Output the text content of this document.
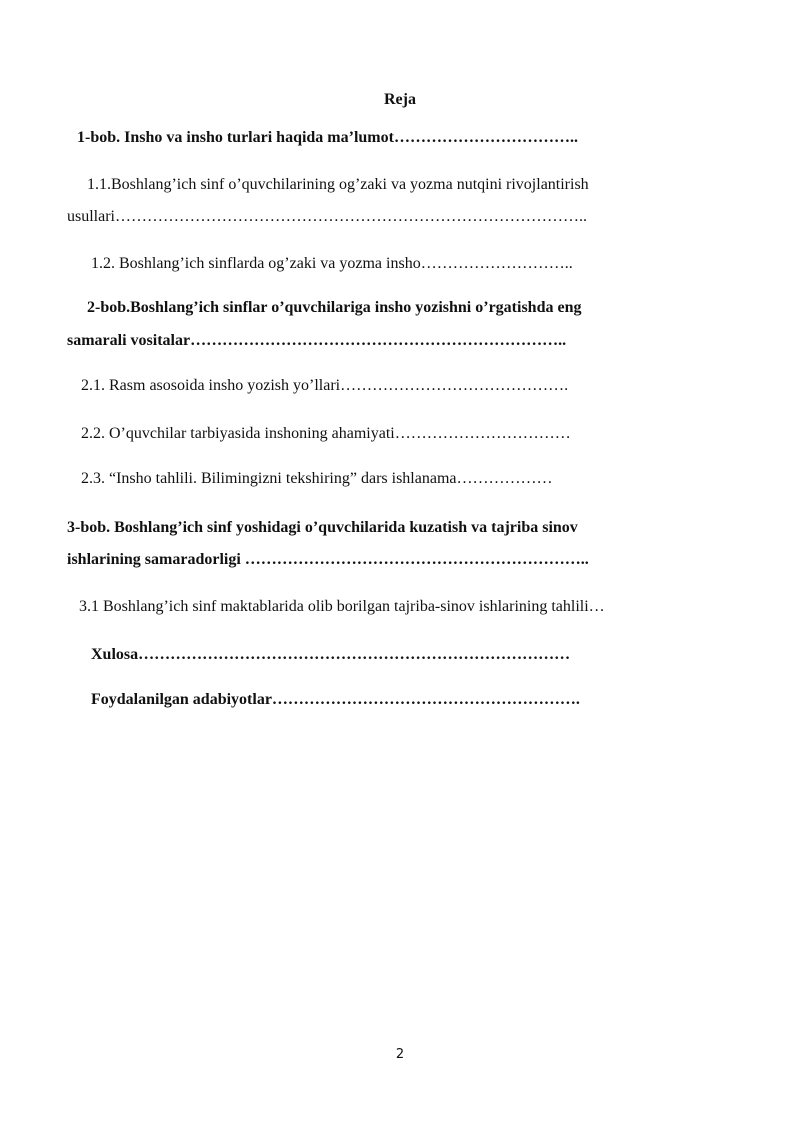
Reja
1-bob. Insho va insho turlari haqida ma’lumot……………………………..
1.1.Boshlang’ich sinf o’quvchilarining og’zaki va yozma nutqini rivojlantirish
usullari……………………………………………………………………………..
1.2. Boshlang’ich sinflarda og’zaki va yozma insho………………………..
2-bob.Boshlang’ich sinflar o’quvchilariga insho yozishni o’rgatishda eng
samarali vositalar……………………………………………………………..
2.1. Rasm asosoida insho yozish yo’llari…………………………………….
2.2. O’quvchilar tarbiyasida inshoning ahamiyati……………………………
2.3. “Insho tahlili. Bilimingizni tekshiring” dars ishlanama………………
3-bob. Boshlang’ich sinf yoshidagi o’quvchilarida kuzatish va tajriba sinov
ishlarining samaradorligi ………………………………………………………..
3.1 Boshlang’ich sinf maktablarida olib borilgan tajriba-sinov ishlarining tahlili…
Xulosa………………………………………………………………………
Foydalanilgan adabiyotlar………………………………………………….
2
